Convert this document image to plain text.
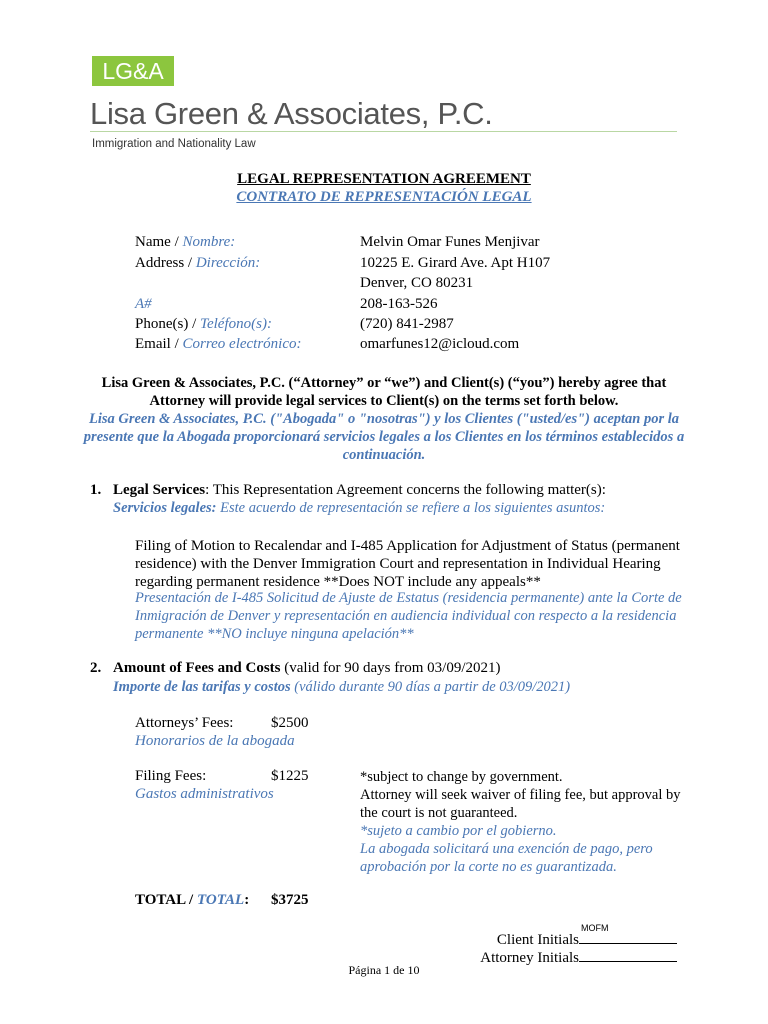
LG&A
Lisa Green & Associates, P.C.
Immigration and Nationality Law
LEGAL REPRESENTATION AGREEMENT
CONTRATO DE REPRESENTACIÓN LEGAL
Name / Nombre:	Melvin Omar Funes Menjivar
Address / Dirección:	10225 E. Girard Ave. Apt H107
Denver, CO 80231
A#	208-163-526
Phone(s) / Teléfono(s):	(720) 841-2987
Email / Correo electrónico:	omarfunes12@icloud.com
Lisa Green & Associates, P.C. (“Attorney” or “we”) and Client(s) (“you”) hereby agree that Attorney will provide legal services to Client(s) on the terms set forth below.
Lisa Green & Associates, P.C. ("Abogada" o "nosotras") y los Clientes ("usted/es") aceptan por la presente que la Abogada proporcionará servicios legales a los Clientes en los términos establecidos a continuación.
1. Legal Services: This Representation Agreement concerns the following matter(s):
Servicios legales: Este acuerdo de representación se refiere a los siguientes asuntos:
Filing of Motion to Recalendar and I-485 Application for Adjustment of Status (permanent residence) with the Denver Immigration Court and representation in Individual Hearing regarding permanent residence **Does NOT include any appeals**
Presentación de I-485 Solicitud de Ajuste de Estatus (residencia permanente) ante la Corte de Inmigración de Denver y representación en audiencia individual con respecto a la residencia permanente **NO incluye ninguna apelación**
2. Amount of Fees and Costs (valid for 90 days from 03/09/2021)
Importe de las tarifas y costos (válido durante 90 días a partir de 03/09/2021)
Attorneys’ Fees:	$2500
Honorarios de la abogada
Filing Fees:	$1225
Gastos administrativos
*subject to change by government.
Attorney will seek waiver of filing fee, but approval by the court is not guaranteed.
*sujeto a cambio por el gobierno.
La abogada solicitará una exención de pago, pero aprobación por la corte no es guarantizada.
TOTAL / TOTAL: $3725
Client Initials
MOFM
Attorney Initials
Página 1 de 10
